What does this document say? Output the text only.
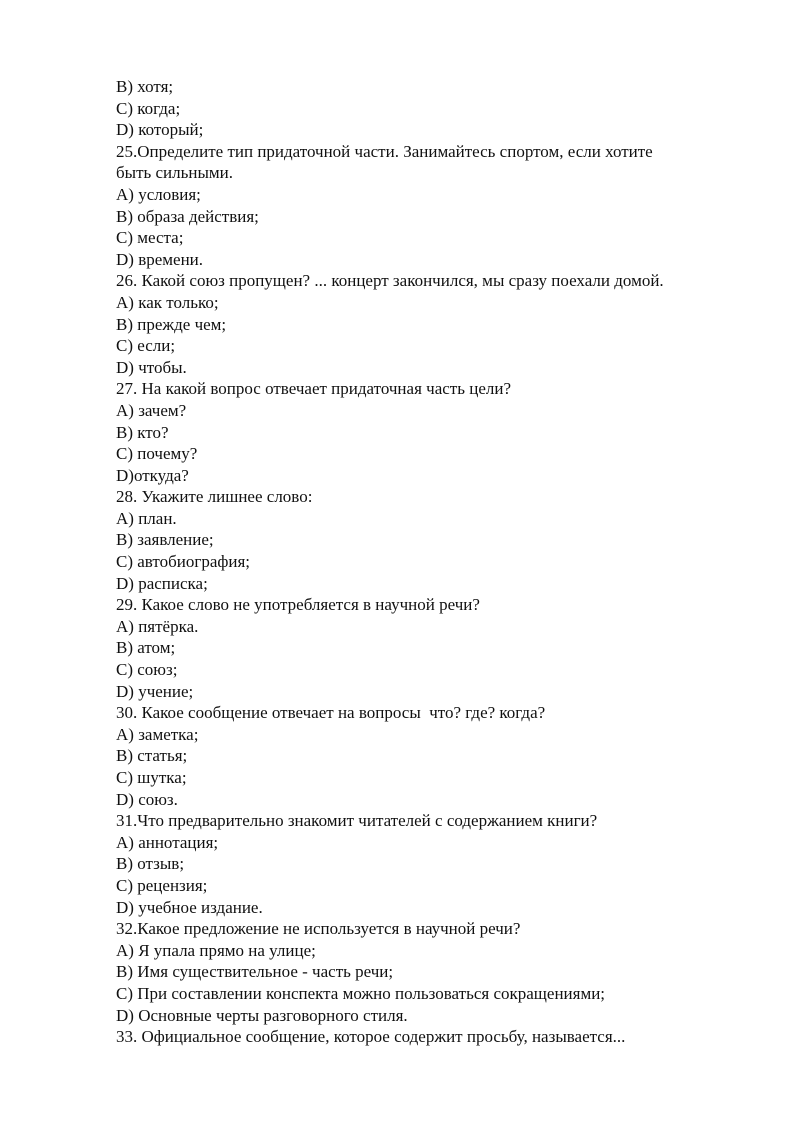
B) хотя;

C) когда;

D) который;

25.Определите тип придаточной части. Занимайтесь спортом, если хотите

быть сильными.

A) условия;

B) образа действия;

C) места;

D) времени.

26. Какой союз пропущен? ... концерт закончился, мы сразу поехали домой.

A) как только;

B) прежде чем;

C) если;

D) чтобы.

27. На какой вопрос отвечает придаточная часть цели?

A) зачем?

B) кто?

C) почему?

D)откуда?

28. Укажите лишнее слово:

A) план.

B) заявление;

C) автобиография;

D) расписка;

29. Какое слово не употребляется в научной речи?

A) пятёрка.

B) атом;

C) союз;

D) учение;

30. Какое сообщение отвечает на вопросы  что? где? когда?

A) заметка;

B) статья;

C) шутка;

D) союз.

31.Что предварительно знакомит читателей с содержанием книги?

A) аннотация;

B) отзыв;

C) рецензия;

D) учебное издание.

32.Какое предложение не используется в научной речи?

A) Я упала прямо на улице;

B) Имя существительное - часть речи;

C) При составлении конспекта можно пользоваться сокращениями;

D) Основные черты разговорного стиля.

33. Официальное сообщение, которое содержит просьбу, называется...
